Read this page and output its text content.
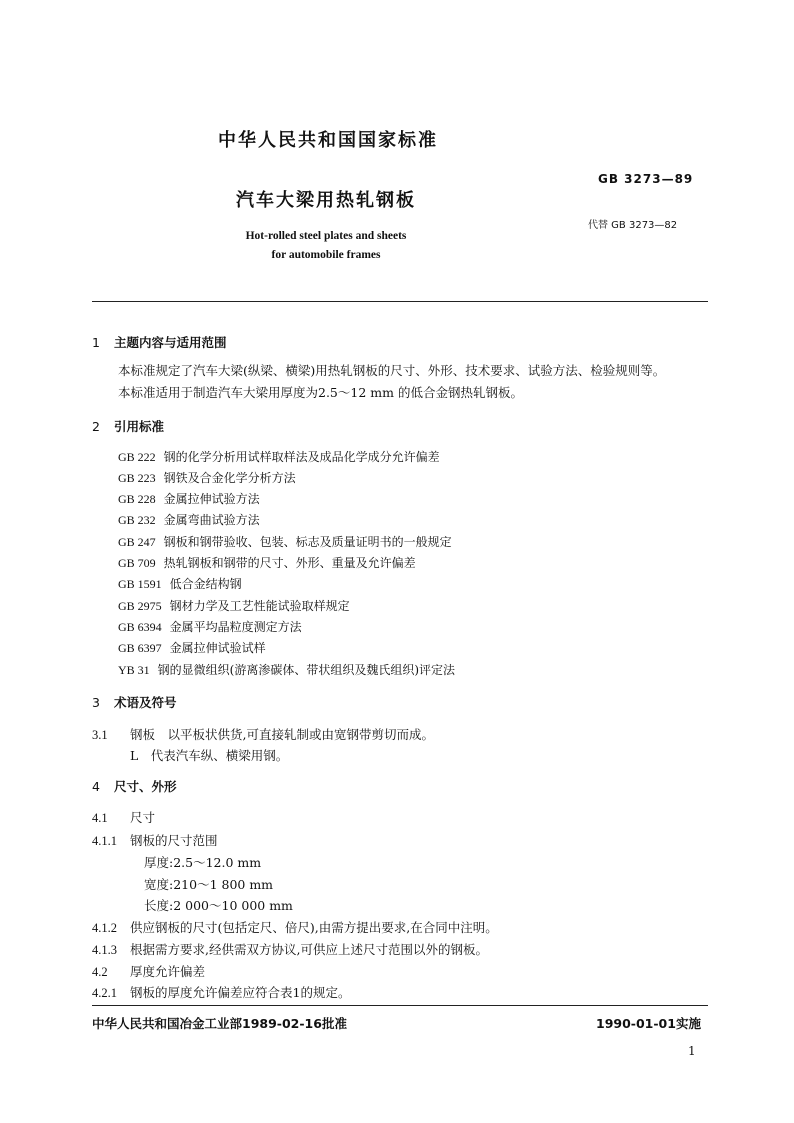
中华人民共和国国家标准
汽车大梁用热轧钢板
GB 3273—89
代替 GB 3273—82
Hot-rolled steel plates and sheets
for automobile frames
1 主题内容与适用范围
本标准规定了汽车大梁(纵梁、横梁)用热轧钢板的尺寸、外形、技术要求、试验方法、检验规则等。
本标准适用于制造汽车大梁用厚度为2.5～12 mm 的低合金钢热轧钢板。
2 引用标准
GB 222 钢的化学分析用试样取样法及成品化学成分允许偏差
GB 223 钢铁及合金化学分析方法
GB 228 金属拉伸试验方法
GB 232 金属弯曲试验方法
GB 247 钢板和钢带验收、包装、标志及质量证明书的一般规定
GB 709 热轧钢板和钢带的尺寸、外形、重量及允许偏差
GB 1591 低合金结构钢
GB 2975 钢材力学及工艺性能试验取样规定
GB 6394 金属平均晶粒度测定方法
GB 6397 金属拉伸试验试样
YB 31 钢的显微组织(游离渗碳体、带状组织及魏氏组织)评定法
3 术语及符号
3.1 钢板　以平板状供货,可直接轧制或由宽钢带剪切而成。
L　代表汽车纵、横梁用钢。
4 尺寸、外形
4.1 尺寸
4.1.1 钢板的尺寸范围
厚度:2.5～12.0 mm
宽度:210～1 800 mm
长度:2 000～10 000 mm
4.1.2 供应钢板的尺寸(包括定尺、倍尺),由需方提出要求,在合同中注明。
4.1.3 根据需方要求,经供需双方协议,可供应上述尺寸范围以外的钢板。
4.2 厚度允许偏差
4.2.1 钢板的厚度允许偏差应符合表1的规定。
中华人民共和国冶金工业部1989-02-16批准	1990-01-01实施
1
